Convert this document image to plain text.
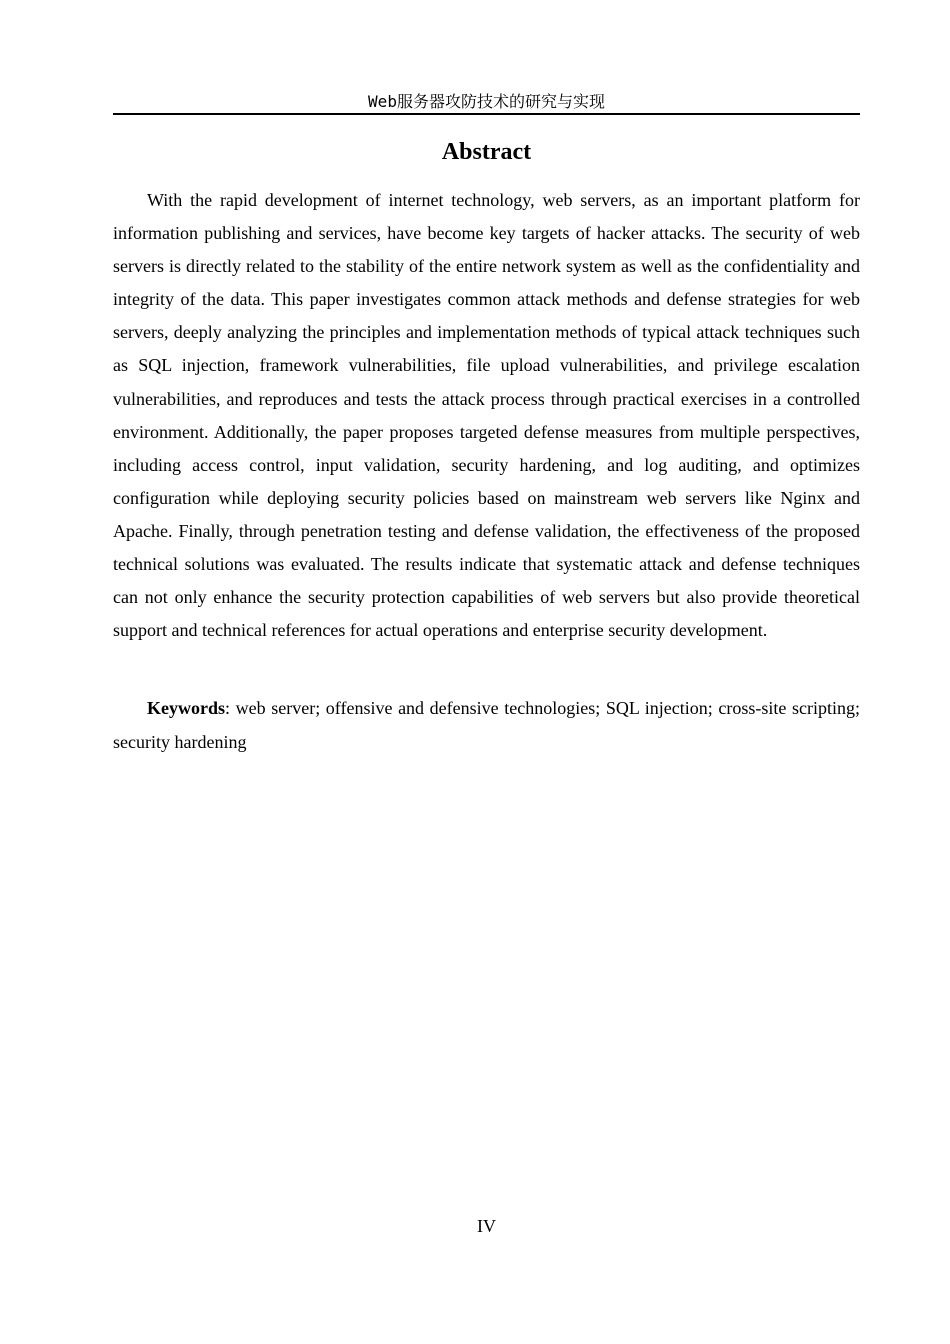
Web服务器攻防技术的研究与实现
Abstract

With the rapid development of internet technology, web servers, as an important platform for information publishing and services, have become key targets of hacker attacks. The security of web servers is directly related to the stability of the entire network system as well as the confidentiality and integrity of the data. This paper investigates common attack methods and defense strategies for web servers, deeply analyzing the principles and implementation methods of typical attack techniques such as SQL injection, framework vulnerabilities, file upload vulnerabilities, and privilege escalation vulnerabilities, and reproduces and tests the attack process through practical exercises in a controlled environment. Additionally, the paper proposes targeted defense measures from multiple perspectives, including access control, input validation, security hardening, and log auditing, and optimizes configuration while deploying security policies based on mainstream web servers like Nginx and Apache. Finally, through penetration testing and defense validation, the effectiveness of the proposed technical solutions was evaluated. The results indicate that systematic attack and defense techniques can not only enhance the security protection capabilities of web servers but also provide theoretical support and technical references for actual operations and enterprise security development.

Keywords: web server; offensive and defensive technologies; SQL injection; cross-site scripting; security hardening

IV
